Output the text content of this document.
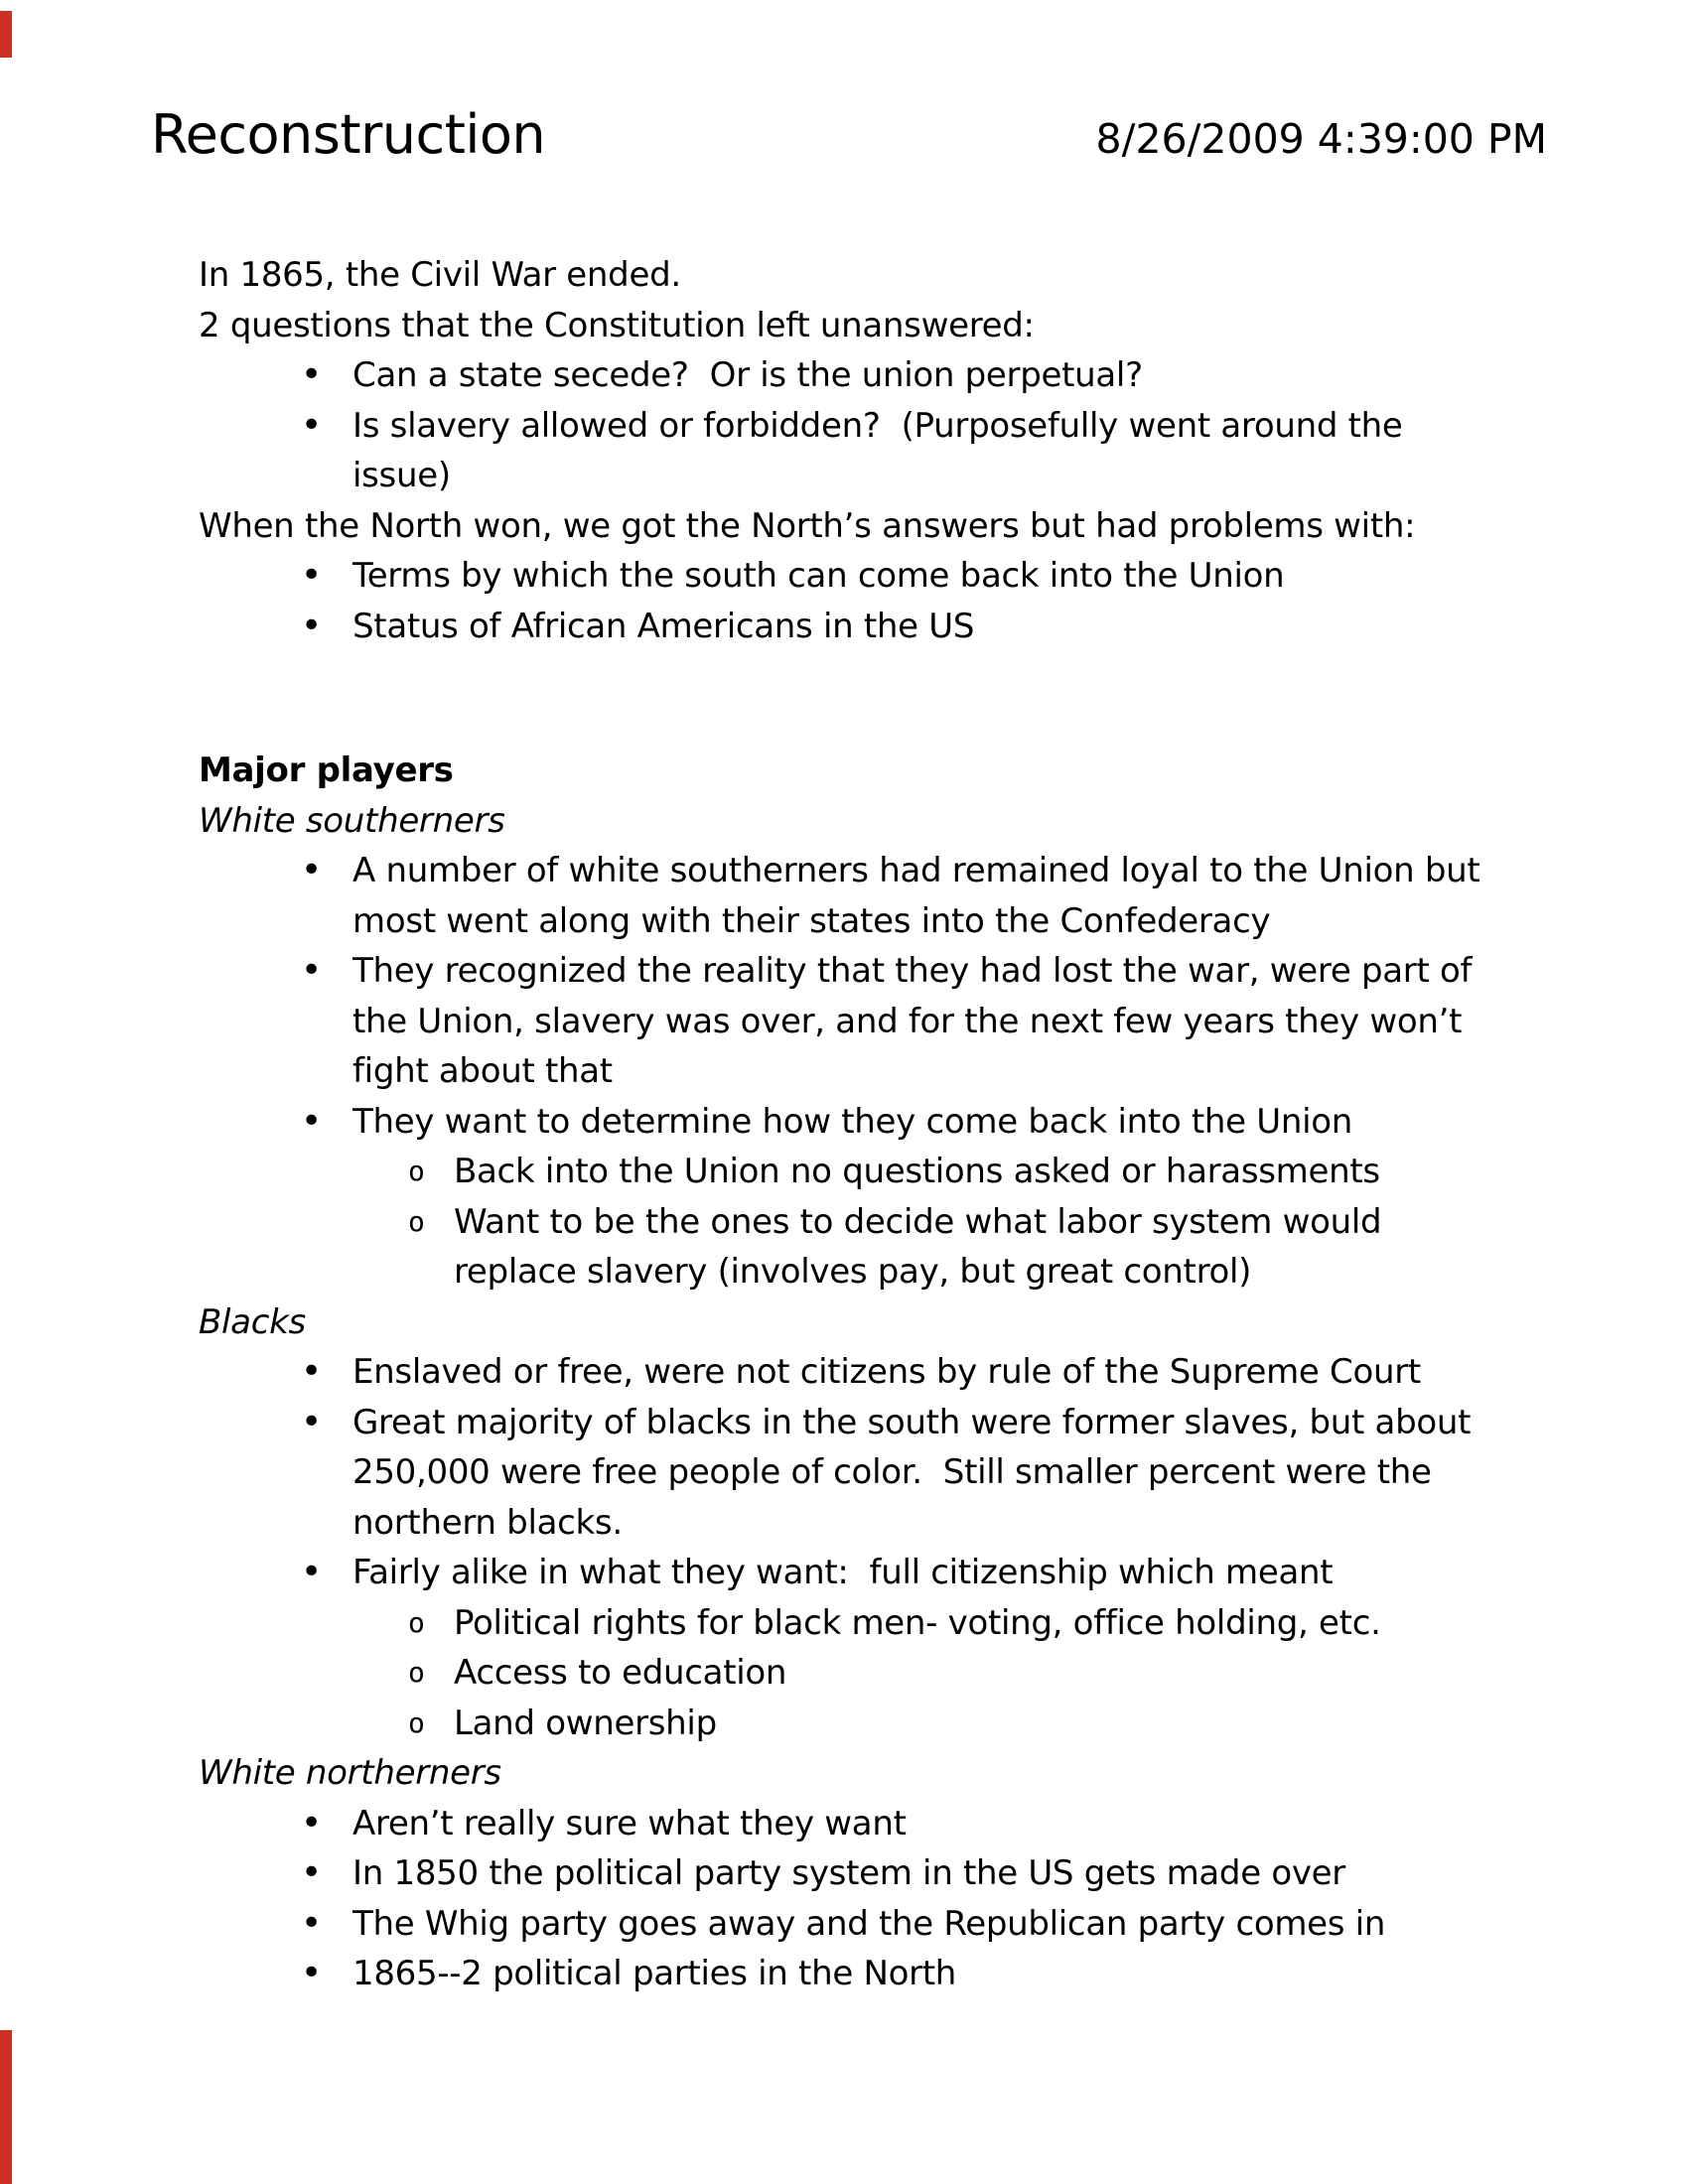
Reconstruction	8/26/2009 4:39:00 PM
In 1865, the Civil War ended.
2 questions that the Constitution left unanswered:
• Can a state secede?  Or is the union perpetual?
• Is slavery allowed or forbidden?  (Purposefully went around the issue)
When the North won, we got the North’s answers but had problems with:
• Terms by which the south can come back into the Union
• Status of African Americans in the US
Major players
White southerners
• A number of white southerners had remained loyal to the Union but most went along with their states into the Confederacy
• They recognized the reality that they had lost the war, were part of the Union, slavery was over, and for the next few years they won’t fight about that
• They want to determine how they come back into the Union
o Back into the Union no questions asked or harassments
o Want to be the ones to decide what labor system would replace slavery (involves pay, but great control)
Blacks
• Enslaved or free, were not citizens by rule of the Supreme Court
• Great majority of blacks in the south were former slaves, but about 250,000 were free people of color.  Still smaller percent were the northern blacks.
• Fairly alike in what they want:  full citizenship which meant
o Political rights for black men- voting, office holding, etc.
o Access to education
o Land ownership
White northerners
• Aren’t really sure what they want
• In 1850 the political party system in the US gets made over
• The Whig party goes away and the Republican party comes in
• 1865--2 political parties in the North
